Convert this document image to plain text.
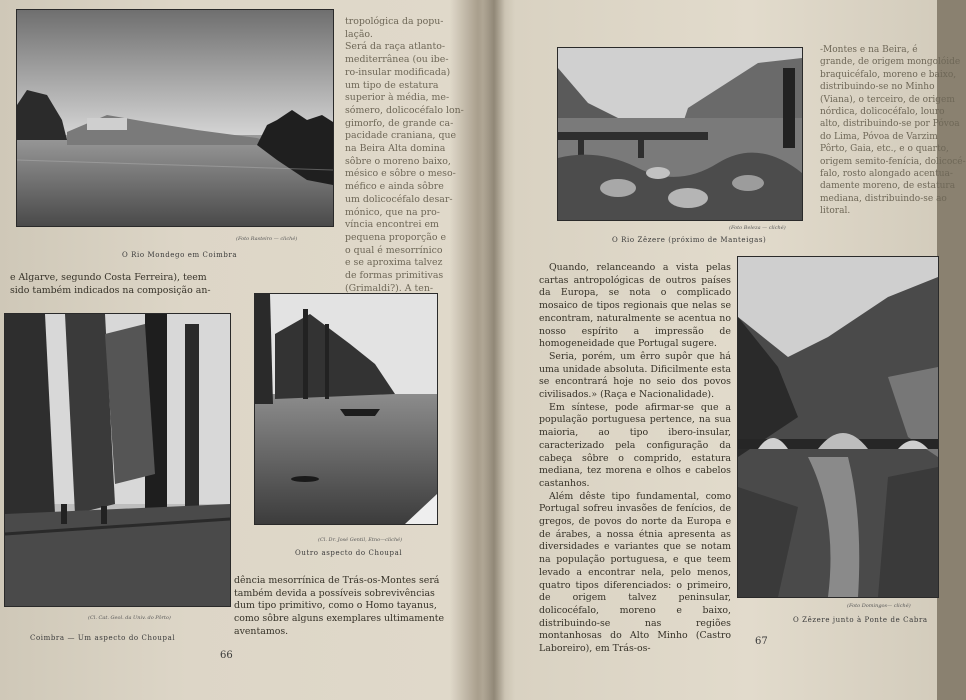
(Foto Rasteiro — cliché)
O Rio Mondego em Coimbra
tropológica da popu-
lação.
Será da raça atlanto-
mediterrânea (ou ibe-
ro-insular modificada)
um tipo de estatura
superior à média, me-
sómero, dolicocéfalo lon-
gimorfo, de grande ca-
pacidade craniana, que
na Beira Alta domina
sôbre o moreno baixo,
mésico e sôbre o meso-
méfico e ainda sôbre
um dolicocéfalo desar-
mónico, que na pro-
víncia encontrei em
pequena proporção e
o qual é mesorrínico
e se aproxima talvez
de formas primitivas
(Grimaldi?). A ten-
e Algarve, segundo Costa Ferreira), teem
sido também indicados na composição an-
(Cl. Cat. Geol. da Univ. do Pôrto)
Coimbra — Um aspecto do Choupal
(Cl. Dr. José Gentil, Etno—cliché)
Outro aspecto do Choupal
dência mesorrínica de Trás-os-Montes será
também devida a possíveis sobrevivências
dum tipo primitivo, como o Homo tayanus,
como sôbre alguns exemplares ultimamente
aventamos.
66
(Foto Beleza — cliché)
O Rio Zêzere (próximo de Manteigas)
-Montes e na Beira, é
grande, de origem mongolóide
braquicéfalo, moreno e baixo,
distribuindo-se no Minho
(Viana), o terceiro, de origem
nórdica, dolicocéfalo, louro
alto, distribuindo-se por Póvoa
do Lima, Póvoa de Varzim
Pôrto, Gaia, etc., e o quarto,
origem semito-fenícia, dolicocé-
falo, rosto alongado acentua-
damente moreno, de estatura
mediana, distribuindo-se ao
litoral.

Quando, relanceando a vista pelas cartas antropológicas de outros países da Europa, se nota o complicado mosaico de tipos regionais que nelas se encontram, naturalmente se acentua no nosso espírito a impressão de homogeneidade que Portugal sugere.

Seria, porém, um êrro supôr que há uma unidade absoluta. Dificilmente esta se encontrará hoje no seio dos povos civilisados.» (Raça e Nacionalidade).

Em síntese, pode afirmar-se que a população portuguesa pertence, na sua maioria, ao tipo ibero-insular, caracterizado pela configuração da cabeça sôbre o comprido, estatura mediana, tez morena e olhos e cabelos castanhos.

Além dêste tipo fundamental, como Portugal sofreu invasões de fenícios, de gregos, de povos do norte da Europa e de árabes, a nossa étnia apresenta as diversidades e variantes que se notam na população portuguesa, e que teem levado a encontrar nela, pelo menos, quatro tipos diferenciados: o primeiro, de origem talvez peninsular, dolicocéfalo, moreno e baixo, distribuindo-se nas regiões montanhosas do Alto Minho (Castro Laboreiro), em Trás-os-

(Foto Domingos— cliché)
O Zêzere junto à Ponte de Cabra
67
